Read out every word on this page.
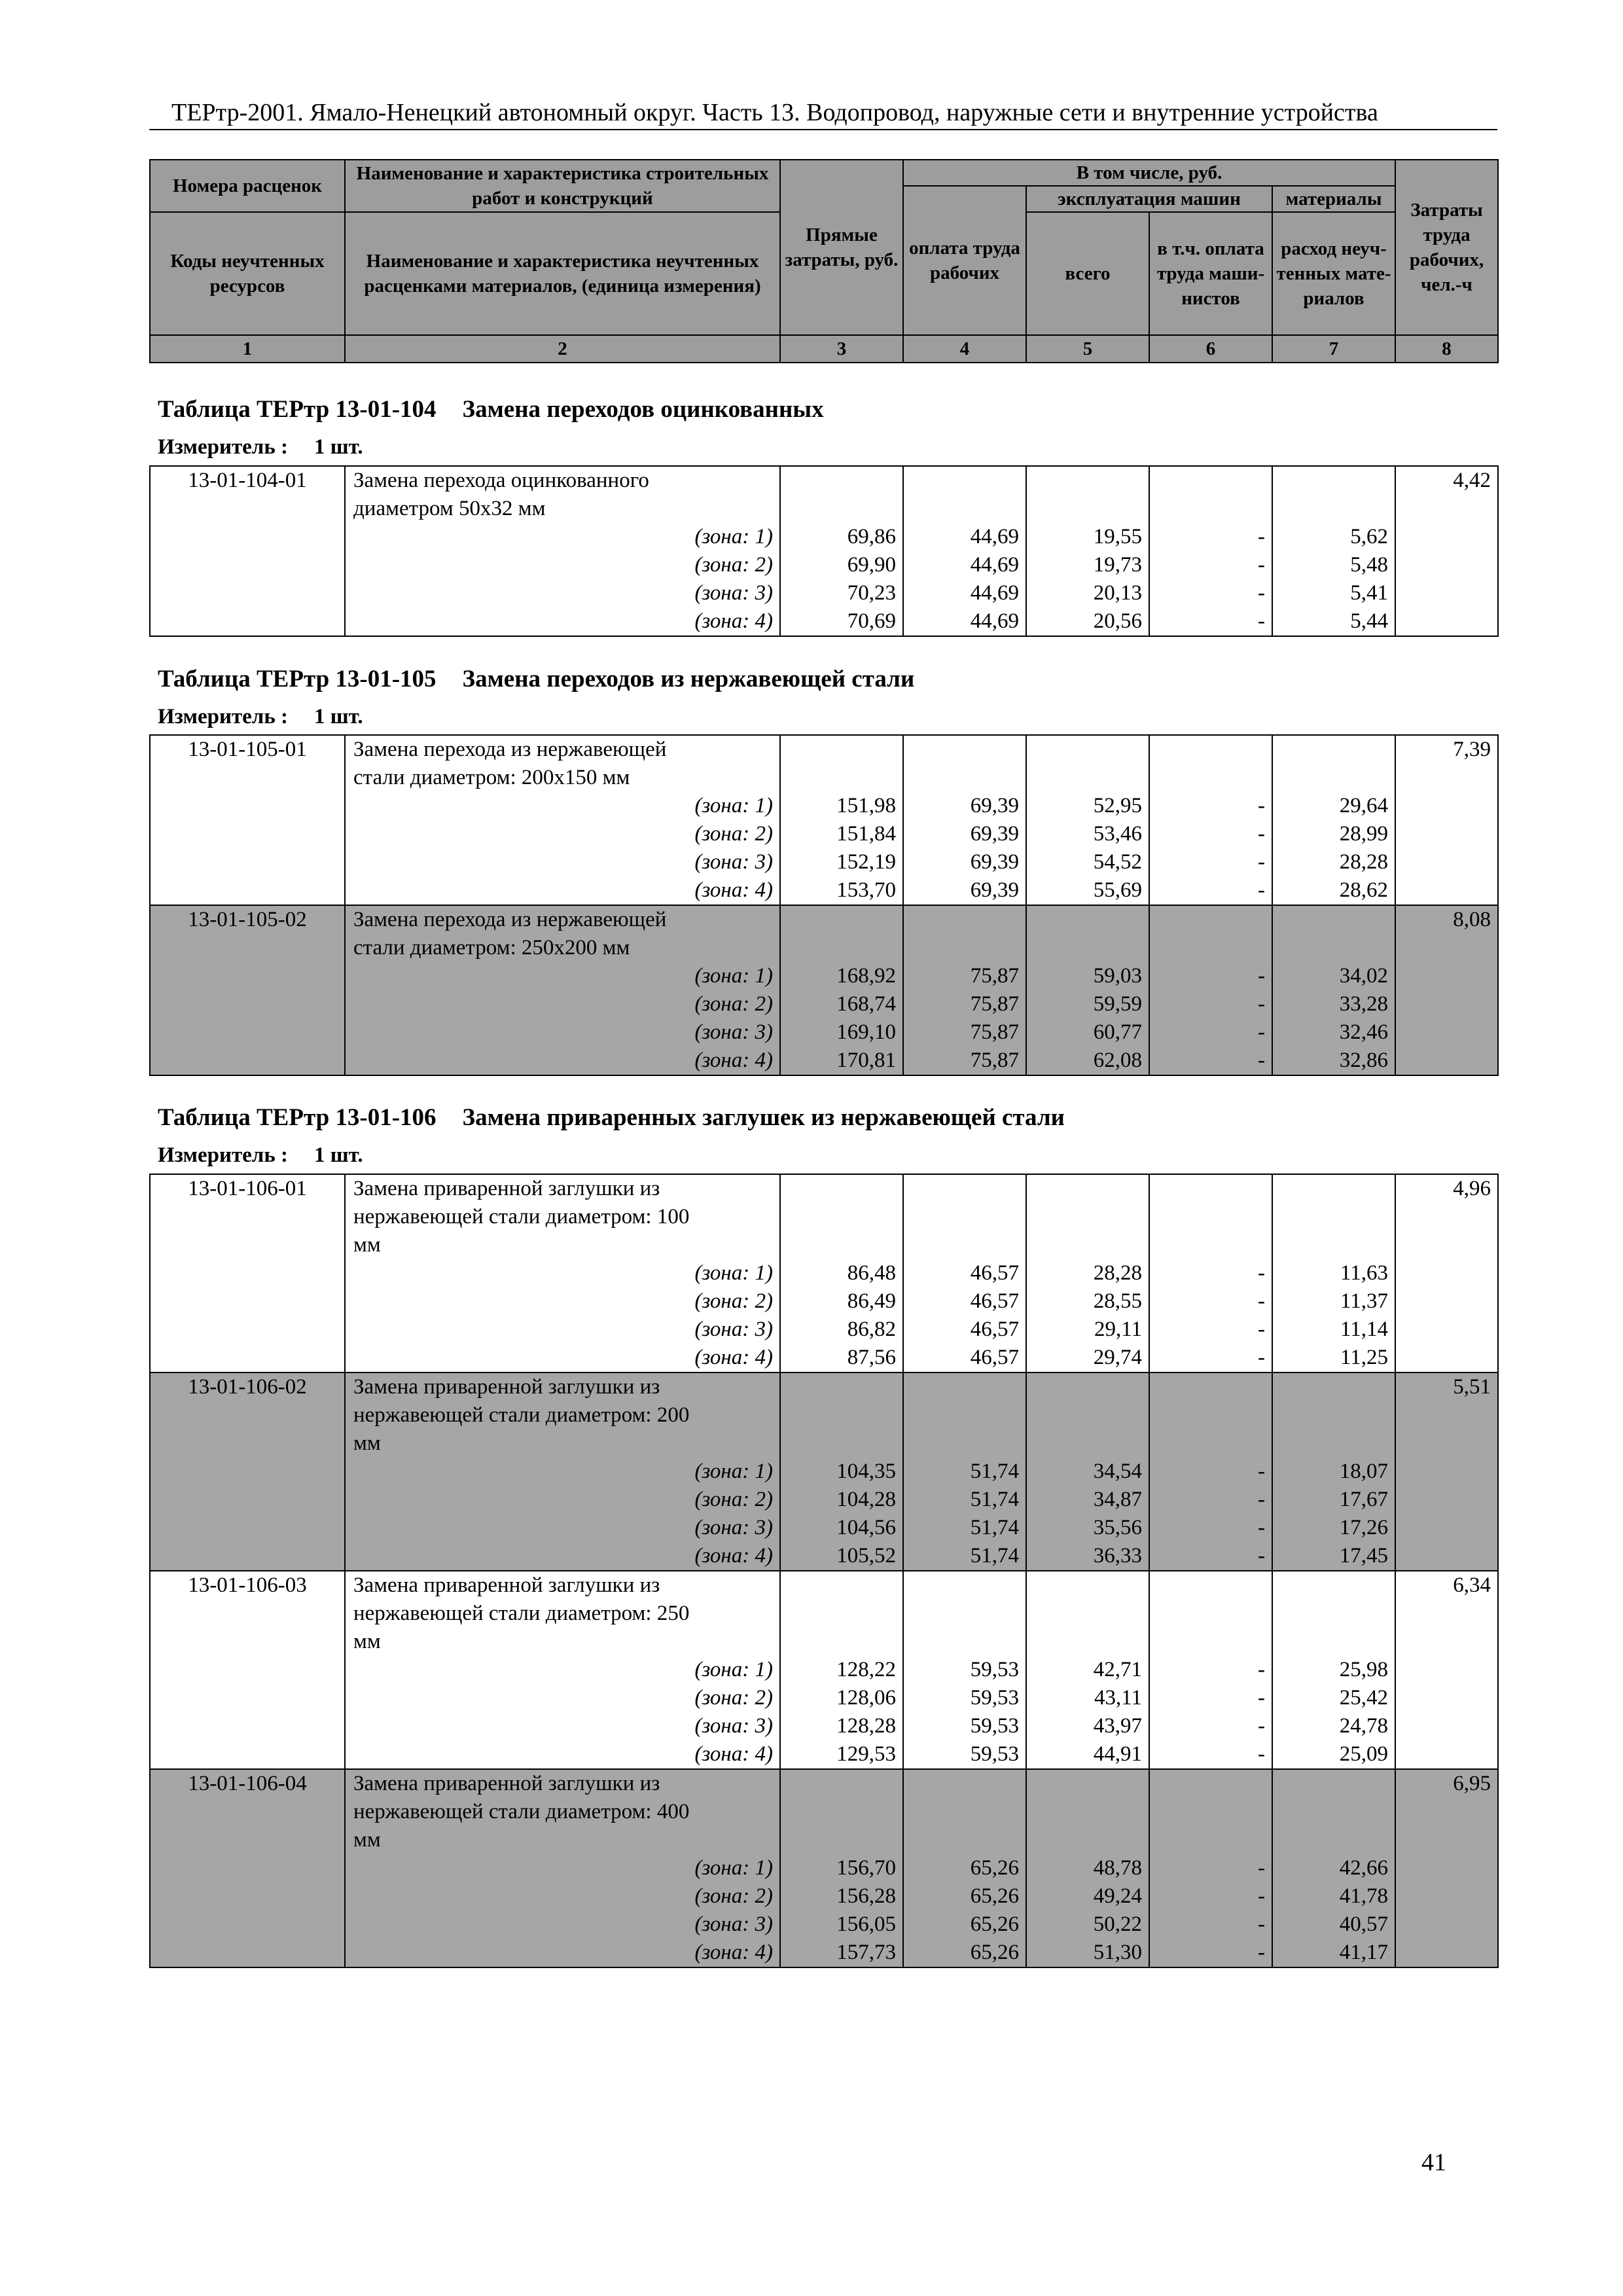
ТЕРтр-2001. Ямало-Ненецкий автономный округ. Часть 13. Водопровод, наружные сети и внутренние устройства
Номера расценок	Наименование и характеристика строительных работ и конструкций	Прямые затраты, руб.	В том числе, руб.				Затраты труда рабочих, чел.-ч
			оплата труда рабочих	эксплуатация машин		материалы	
Коды неучтенных ресурсов	Наименование и характеристика неучтенных расценками материалов, (единица измерения)			всего	в т.ч. оплата труда маши-нистов	расход неуч-тенных мате-риалов	

1	2	3	4	5	6	7	8
Таблица ТЕРтр 13-01-104 Замена переходов оцинкованных
Измеритель : 1 шт.
13-01-104-01	Замена перехода оцинкованного						4,42
	диаметром 50х32 мм						
	(зона: 1)	69,86	44,69	19,55	-	5,62	
	(зона: 2)	69,90	44,69	19,73	-	5,48	
	(зона: 3)	70,23	44,69	20,13	-	5,41	
	(зона: 4)	70,69	44,69	20,56	-	5,44	
Таблица ТЕРтр 13-01-105 Замена переходов из нержавеющей стали
Измеритель : 1 шт.
13-01-105-01	Замена перехода из нержавеющей						7,39
	стали диаметром: 200х150 мм						
	(зона: 1)	151,98	69,39	52,95	-	29,64	
	(зона: 2)	151,84	69,39	53,46	-	28,99	
	(зона: 3)	152,19	69,39	54,52	-	28,28	
	(зона: 4)	153,70	69,39	55,69	-	28,62	
13-01-105-02	Замена перехода из нержавеющей						8,08
	стали диаметром: 250х200 мм						
	(зона: 1)	168,92	75,87	59,03	-	34,02	
	(зона: 2)	168,74	75,87	59,59	-	33,28	
	(зона: 3)	169,10	75,87	60,77	-	32,46	
	(зона: 4)	170,81	75,87	62,08	-	32,86	
Таблица ТЕРтр 13-01-106 Замена приваренных заглушек из нержавеющей стали
Измеритель : 1 шт.
13-01-106-01	Замена приваренной заглушки из						4,96
	нержавеющей стали диаметром: 100						
	мм						
	(зона: 1)	86,48	46,57	28,28	-	11,63	
	(зона: 2)	86,49	46,57	28,55	-	11,37	
	(зона: 3)	86,82	46,57	29,11	-	11,14	
	(зона: 4)	87,56	46,57	29,74	-	11,25	
13-01-106-02	Замена приваренной заглушки из						5,51
	нержавеющей стали диаметром: 200						
	мм						
	(зона: 1)	104,35	51,74	34,54	-	18,07	
	(зона: 2)	104,28	51,74	34,87	-	17,67	
	(зона: 3)	104,56	51,74	35,56	-	17,26	
	(зона: 4)	105,52	51,74	36,33	-	17,45	
13-01-106-03	Замена приваренной заглушки из						6,34
	нержавеющей стали диаметром: 250						
	мм						
	(зона: 1)	128,22	59,53	42,71	-	25,98	
	(зона: 2)	128,06	59,53	43,11	-	25,42	
	(зона: 3)	128,28	59,53	43,97	-	24,78	
	(зона: 4)	129,53	59,53	44,91	-	25,09	
13-01-106-04	Замена приваренной заглушки из						6,95
	нержавеющей стали диаметром: 400						
	мм						
	(зона: 1)	156,70	65,26	48,78	-	42,66	
	(зона: 2)	156,28	65,26	49,24	-	41,78	
	(зона: 3)	156,05	65,26	50,22	-	40,57	
	(зона: 4)	157,73	65,26	51,30	-	41,17	
41
